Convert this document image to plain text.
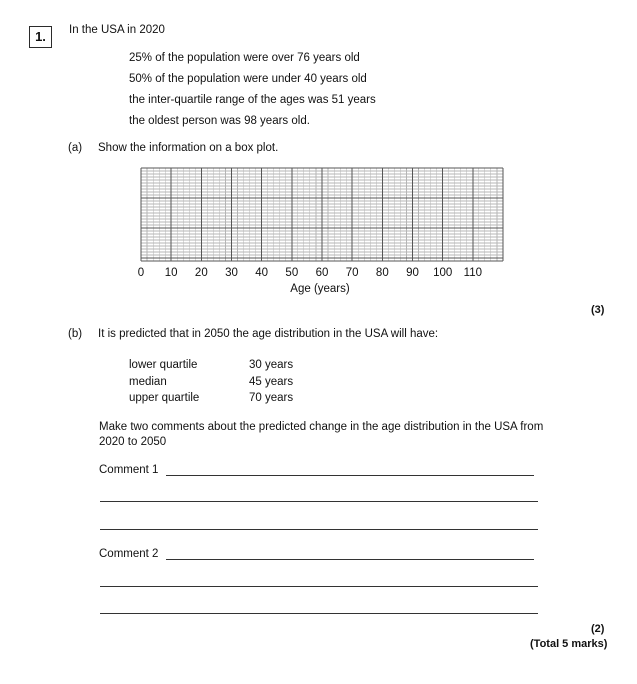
1.	In the USA in 2020
25% of the population were over 76 years old
50% of the population were under 40 years old
the inter-quartile range of the ages was 51 years
the oldest person was 98 years old.
(a) Show the information on a box plot.
0 10 20 30 40 50 60 70 80 90 100 110
Age (years)
(3)
(b) It is predicted that in 2050 the age distribution in the USA will have:
lower quartile	30 years
median	45 years
upper quartile	70 years
Make two comments about the predicted change in the age distribution in the USA from
2020 to 2050
Comment 1
Comment 2
(2)
(Total 5 marks)
